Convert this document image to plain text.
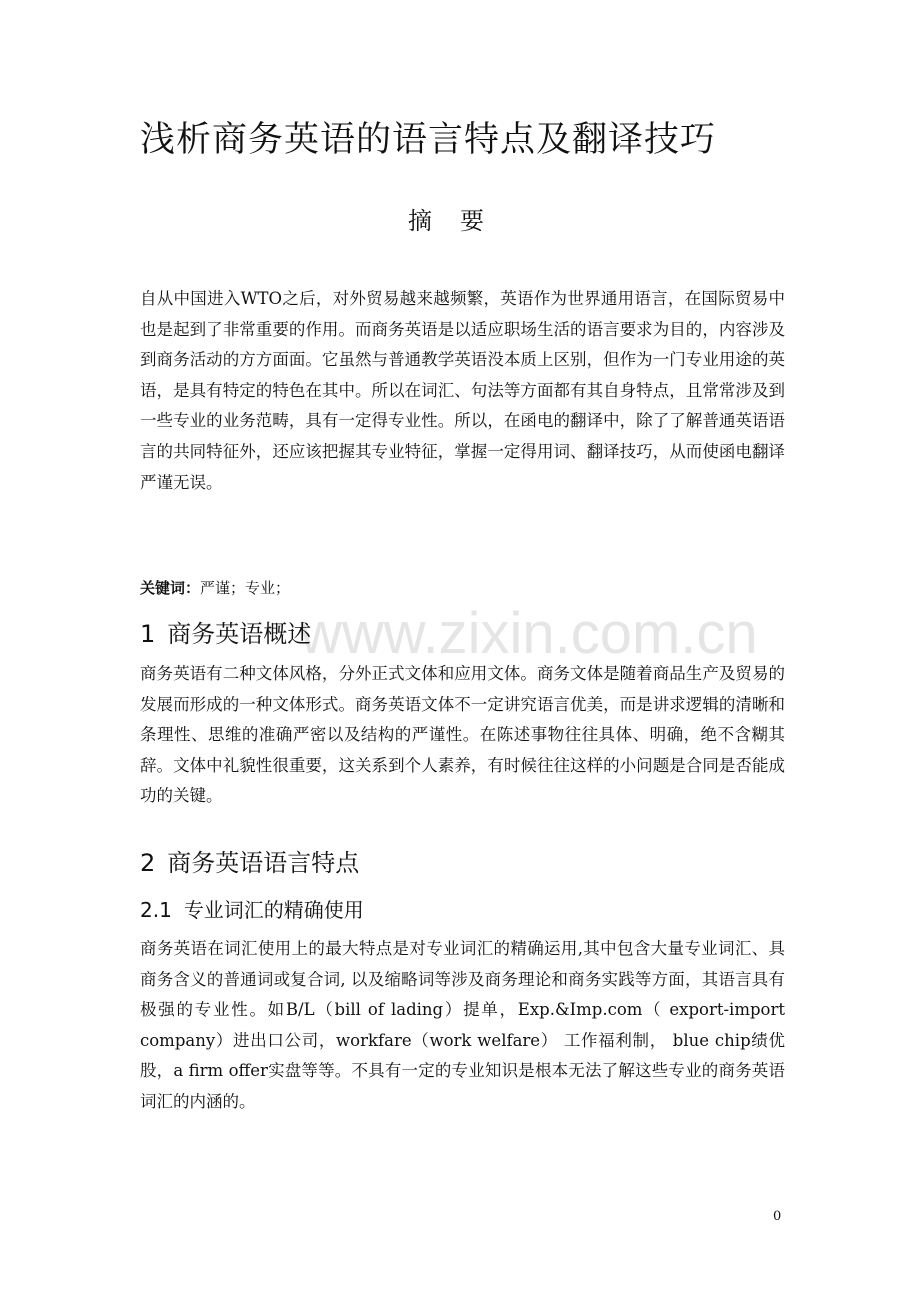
浅析商务英语的语言特点及翻译技巧
摘要

自从中国进入WTO之后，对外贸易越来越频繁，英语作为世界通用语言，在国际贸易中也是起到了非常重要的作用。而商务英语是以适应职场生活的语言要求为目的，内容涉及到商务活动的方方面面。它虽然与普通教学英语没本质上区别，但作为一门专业用途的英语，是具有特定的特色在其中。所以在词汇、句法等方面都有其自身特点，且常常涉及到一些专业的业务范畴，具有一定得专业性。所以，在函电的翻译中，除了了解普通英语语言的共同特征外，还应该把握其专业特征，掌握一定得用词、翻译技巧，从而使函电翻译严谨无误。

关键词：严谨；专业；
www.zixin.com.cn
1 商务英语概述

商务英语有二种文体风格，分外正式文体和应用文体。商务文体是随着商品生产及贸易的发展而形成的一种文体形式。商务英语文体不一定讲究语言优美，而是讲求逻辑的清晰和条理性、思维的准确严密以及结构的严谨性。在陈述事物往往具体、明确，绝不含糊其辞。文体中礼貌性很重要，这关系到个人素养，有时候往往这样的小问题是合同是否能成功的关键。

2 商务英语语言特点
2.1 专业词汇的精确使用

商务英语在词汇使用上的最大特点是对专业词汇的精确运用,其中包含大量专业词汇、具商务含义的普通词或复合词, 以及缩略词等涉及商务理论和商务实践等方面，其语言具有极强的专业性。如B/L（bill of lading）提单，Exp.&Imp.com（ export-import company）进出口公司，workfare（work welfare） 工作福利制， blue chip绩优股，a firm offer实盘等等。不具有一定的专业知识是根本无法了解这些专业的商务英语词汇的内涵的。

0
